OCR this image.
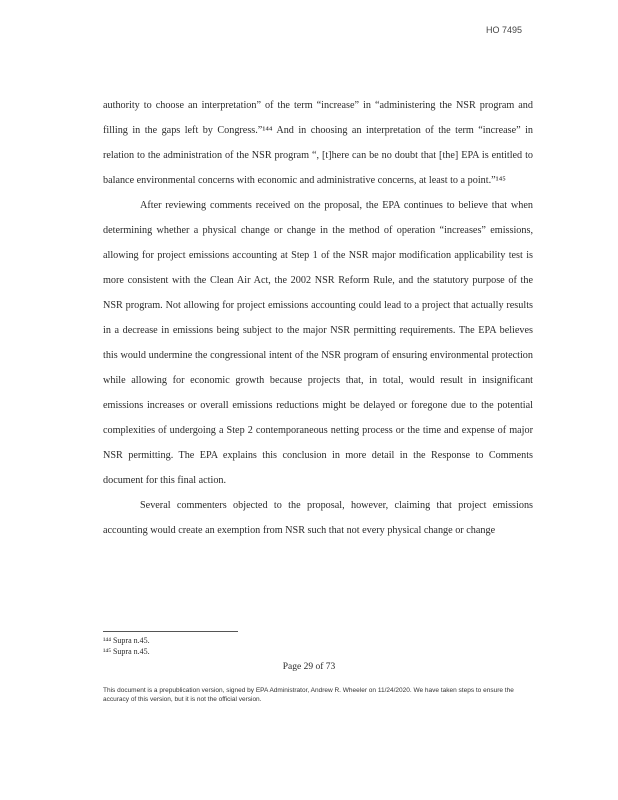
HO 7495

authority to choose an interpretation” of the term “increase” in “administering the NSR program and filling in the gaps left by Congress.”¹⁴⁴ And in choosing an interpretation of the term “increase” in relation to the administration of the NSR program “, [t]here can be no doubt that [the] EPA is entitled to balance environmental concerns with economic and administrative concerns, at least to a point.”¹⁴⁵

After reviewing comments received on the proposal, the EPA continues to believe that when determining whether a physical change or change in the method of operation “increases” emissions, allowing for project emissions accounting at Step 1 of the NSR major modification applicability test is more consistent with the Clean Air Act, the 2002 NSR Reform Rule, and the statutory purpose of the NSR program. Not allowing for project emissions accounting could lead to a project that actually results in a decrease in emissions being subject to the major NSR permitting requirements. The EPA believes this would undermine the congressional intent of the NSR program of ensuring environmental protection while allowing for economic growth because projects that, in total, would result in insignificant emissions increases or overall emissions reductions might be delayed or foregone due to the potential complexities of undergoing a Step 2 contemporaneous netting process or the time and expense of major NSR permitting. The EPA explains this conclusion in more detail in the Response to Comments document for this final action.

Several commenters objected to the proposal, however, claiming that project emissions accounting would create an exemption from NSR such that not every physical change or change

¹⁴⁴ Supra n.45.
¹⁴⁵ Supra n.45.
Page 29 of 73
This document is a prepublication version, signed by EPA Administrator, Andrew R. Wheeler on 11/24/2020. We have taken steps to ensure the accuracy of this version, but it is not the official version.
